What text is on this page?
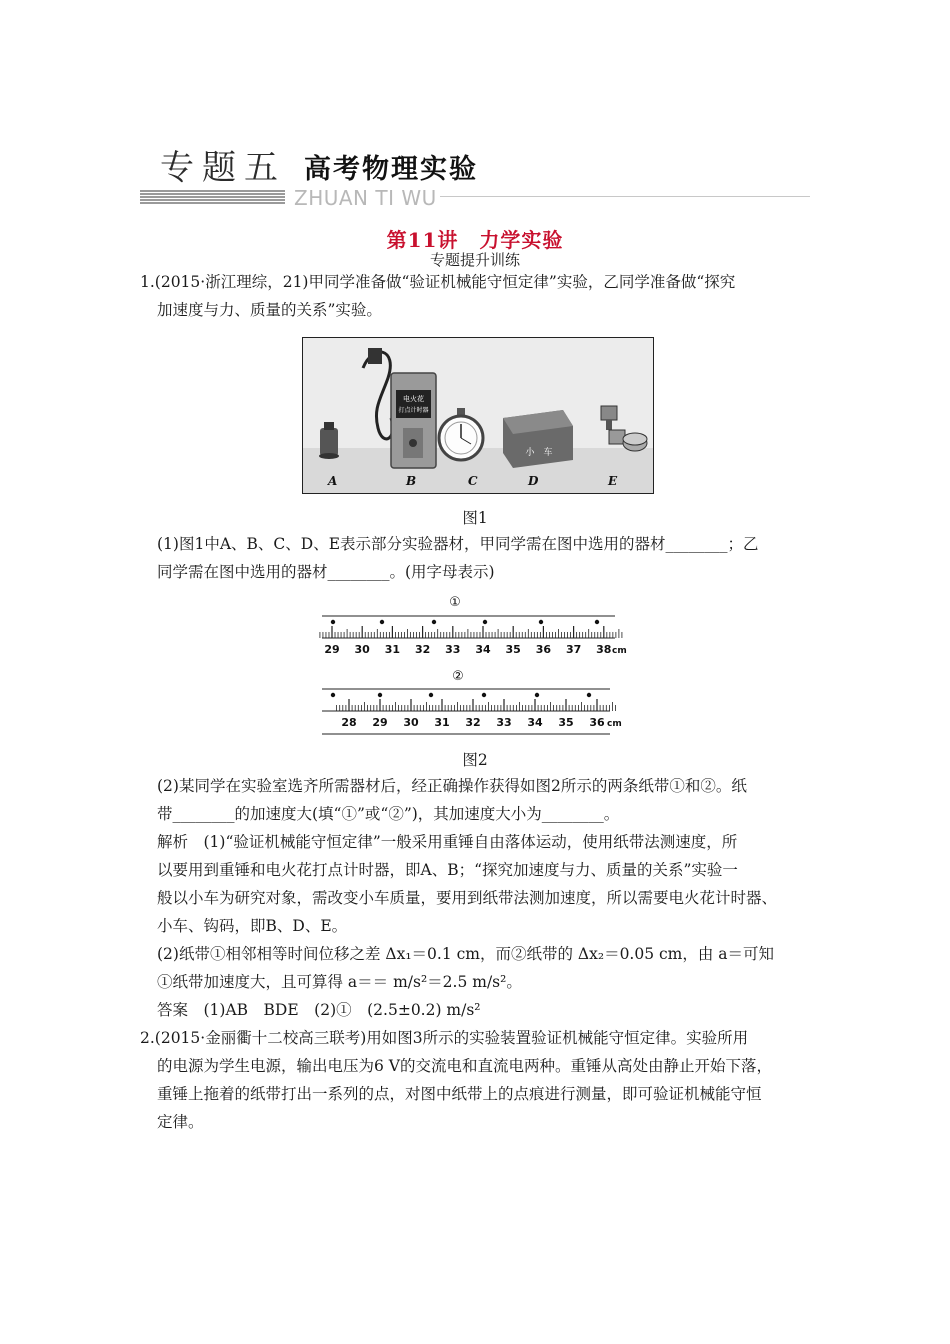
专题五 高考物理实验
ZHUAN TI WU
第11讲　力学实验
专题提升训练
1.(2015·浙江理综，21)甲同学准备做“验证机械能守恒定律”实验，乙同学准备做“探究
加速度与力、质量的关系”实验。
电火花
打点计时器
小　车
A	B	C	D	E
图1
(1)图1中A、B、C、D、E表示部分实验器材，甲同学需在图中选用的器材________；乙
同学需在图中选用的器材________。(用字母表示)
①
29 30 31 32 33 34 35 36 37 38 cm
②
28 29 30 31 32 33 34 35 36 cm
图2
(2)某同学在实验室选齐所需器材后，经正确操作获得如图2所示的两条纸带①和②。纸
带________的加速度大(填“①”或“②”)，其加速度大小为________。
解析　(1)“验证机械能守恒定律”一般采用重锤自由落体运动，使用纸带法测速度，所
以要用到重锤和电火花打点计时器，即A、B；“探究加速度与力、质量的关系”实验一
般以小车为研究对象，需改变小车质量，要用到纸带法测加速度，所以需要电火花计时器、
小车、钩码，即B、D、E。
(2)纸带①相邻相等时间位移之差 Δx₁＝0.1 cm，而②纸带的 Δx₂＝0.05 cm，由 a＝可知
①纸带加速度大，且可算得 a＝＝ m/s²＝2.5 m/s²。
答案　(1)AB　BDE　(2)①　(2.5±0.2) m/s²
2.(2015·金丽衢十二校高三联考)用如图3所示的实验装置验证机械能守恒定律。实验所用
的电源为学生电源，输出电压为6 V的交流电和直流电两种。重锤从高处由静止开始下落，
重锤上拖着的纸带打出一系列的点，对图中纸带上的点痕进行测量，即可验证机械能守恒
定律。
